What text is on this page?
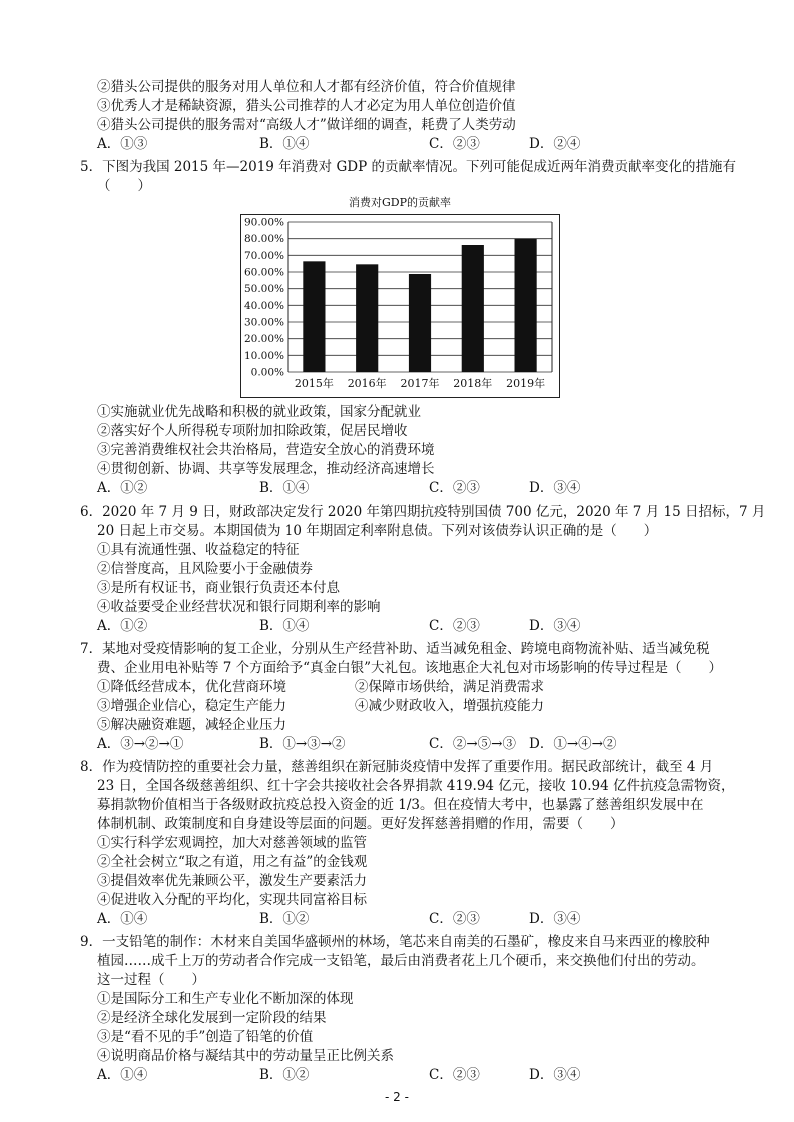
②猎头公司提供的服务对用人单位和人才都有经济价值，符合价值规律
③优秀人才是稀缺资源，猎头公司推荐的人才必定为用人单位创造价值
④猎头公司提供的服务需对“高级人才”做详细的调查，耗费了人类劳动
A．①③	B．①④	C．②③	D．②④
5．下图为我国 2015 年—2019 年消费对 GDP 的贡献率情况。下列可能促成近两年消费贡献率变化的措施有
（　　）
消费对GDP的贡献率
0.00%
10.00%
20.00%
30.00%
40.00%
50.00%
60.00%
70.00%
80.00%
90.00%
2015年 2016年 2017年 2018年 2019年
①实施就业优先战略和积极的就业政策，国家分配就业
②落实好个人所得税专项附加扣除政策，促居民增收
③完善消费维权社会共治格局，营造安全放心的消费环境
④贯彻创新、协调、共享等发展理念，推动经济高速增长
A．①②	B．①④	C．②③	D．③④
6．2020 年 7 月 9 日，财政部决定发行 2020 年第四期抗疫特别国债 700 亿元，2020 年 7 月 15 日招标，7 月
20 日起上市交易。本期国债为 10 年期固定利率附息债。下列对该债券认识正确的是（　　）
①具有流通性强、收益稳定的特征
②信誉度高，且风险要小于金融债券
③是所有权证书，商业银行负责还本付息
④收益要受企业经营状况和银行同期利率的影响
A．①②	B．①④	C．②③	D．③④
7．某地对受疫情影响的复工企业，分别从生产经营补助、适当减免租金、跨境电商物流补贴、适当减免税
费、企业用电补贴等 7 个方面给予“真金白银”大礼包。该地惠企大礼包对市场影响的传导过程是（　　）
①降低经营成本，优化营商环境	②保障市场供给，满足消费需求
③增强企业信心，稳定生产能力	④减少财政收入，增强抗疫能力
⑤解决融资难题，减轻企业压力
A．③→②→①	B．①→③→②	C．②→⑤→③ D．①→④→②
8．作为疫情防控的重要社会力量，慈善组织在新冠肺炎疫情中发挥了重要作用。据民政部统计，截至 4 月
23 日，全国各级慈善组织、红十字会共接收社会各界捐款 419.94 亿元，接收 10.94 亿件抗疫急需物资，
募捐款物价值相当于各级财政抗疫总投入资金的近 1/3。但在疫情大考中，也暴露了慈善组织发展中在
体制机制、政策制度和自身建设等层面的问题。更好发挥慈善捐赠的作用，需要（　　）
①实行科学宏观调控，加大对慈善领域的监管
②全社会树立“取之有道，用之有益”的金钱观
③提倡效率优先兼顾公平，激发生产要素活力
④促进收入分配的平均化，实现共同富裕目标
A．①④	B．①②	C．②③	D．③④
9．一支铅笔的制作：木材来自美国华盛顿州的林场，笔芯来自南美的石墨矿，橡皮来自马来西亚的橡胶种
植园……成千上万的劳动者合作完成一支铅笔，最后由消费者花上几个硬币，来交换他们付出的劳动。
这一过程（　　）
①是国际分工和生产专业化不断加深的体现
②是经济全球化发展到一定阶段的结果
③是“看不见的手”创造了铅笔的价值
④说明商品价格与凝结其中的劳动量呈正比例关系
A．①④	B．①②	C．②③	D．③④
- 2 -
